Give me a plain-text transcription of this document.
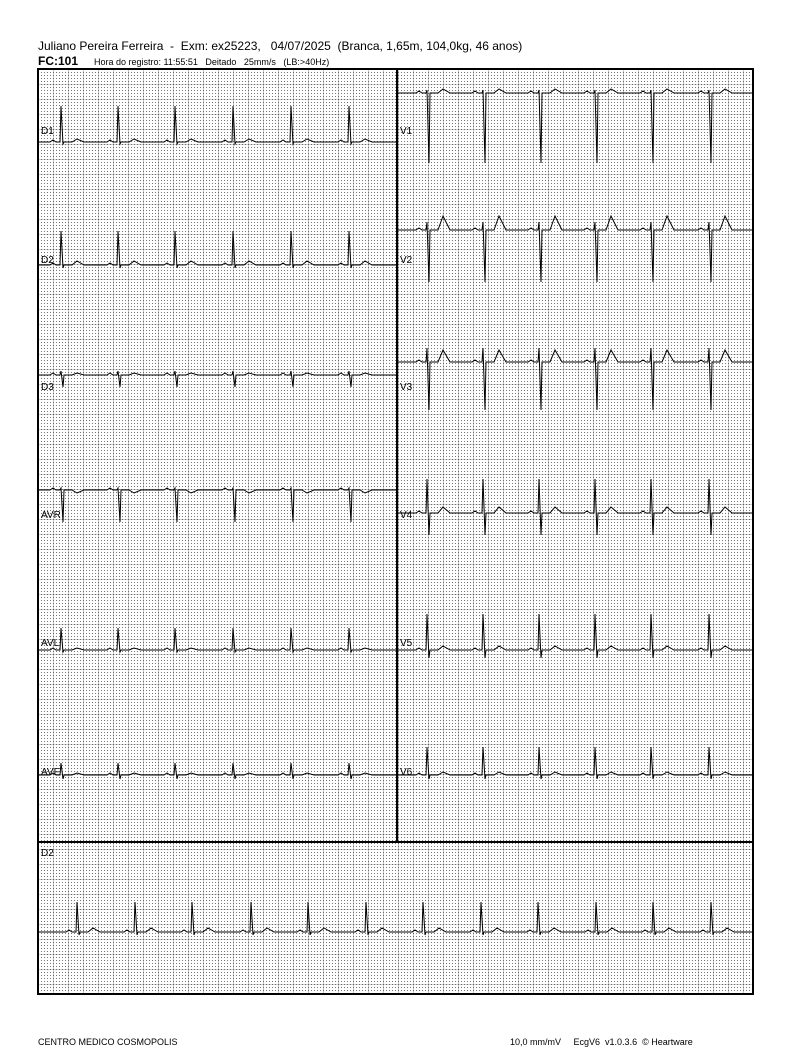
Juliano Pereira Ferreira  -  Exm: ex25223,   04/07/2025  (Branca, 1,65m, 104,0kg, 46 anos)
FC:101 Hora do registro: 11:55:51   Deitado   25mm/s   (LB:>40Hz)
D1
D2
D3
AVR
AVL
AVF
V1
V2
V3
V4
V5
V6
D2
CENTRO MEDICO COSMOPOLIS	10,0 mm/mV EcgV6  v1.0.3.6  © Heartware
